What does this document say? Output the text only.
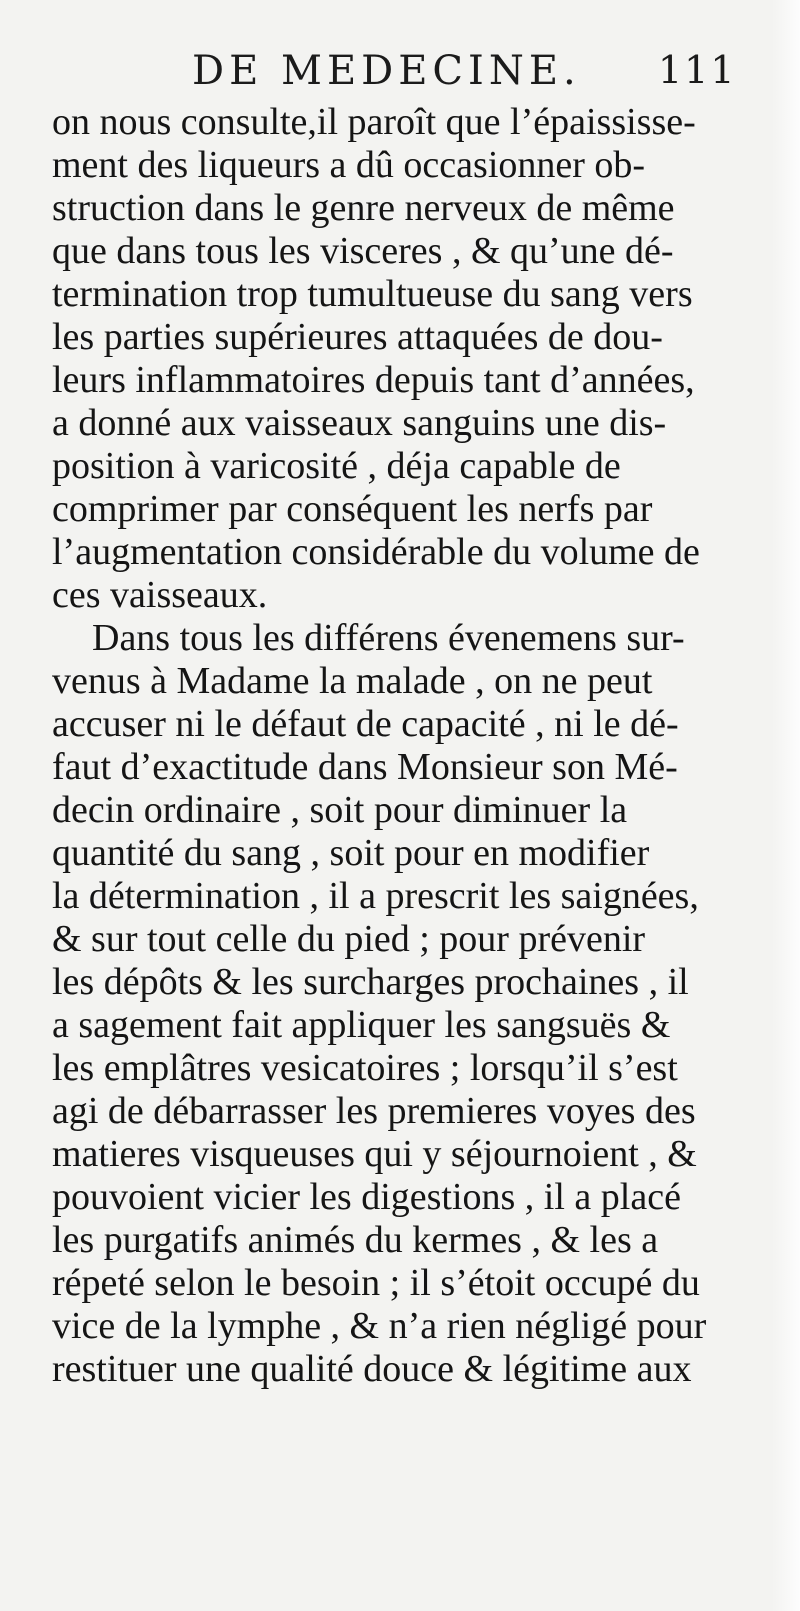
DE MEDECINE. 111
on nous consulte,il paroît que l’épaississe-
ment des liqueurs a dû occasionner ob-
struction dans le genre nerveux de même
que dans tous les visceres , & qu’une dé-
termination trop tumultueuse du sang vers
les parties supérieures attaquées de dou-
leurs inflammatoires depuis tant d’années,
a donné aux vaisseaux sanguins une dis-
position à varicosité , déja capable de
comprimer par conséquent les nerfs par
l’augmentation considérable du volume de
ces vaisseaux.
Dans tous les différens évenemens sur-
venus à Madame la malade , on ne peut
accuser ni le défaut de capacité , ni le dé-
faut d’exactitude dans Monsieur son Mé-
decin ordinaire , soit pour diminuer la
quantité du sang , soit pour en modifier
la détermination , il a prescrit les saignées,
& sur tout celle du pied ; pour prévenir
les dépôts & les surcharges prochaines , il
a sagement fait appliquer les sangsuës &
les emplâtres vesicatoires ; lorsqu’il s’est
agi de débarrasser les premieres voyes des
matieres visqueuses qui y séjournoient , &
pouvoient vicier les digestions , il a placé
les purgatifs animés du kermes , & les a
répeté selon le besoin ; il s’étoit occupé du
vice de la lymphe , & n’a rien négligé pour
restituer une qualité douce & légitime aux
